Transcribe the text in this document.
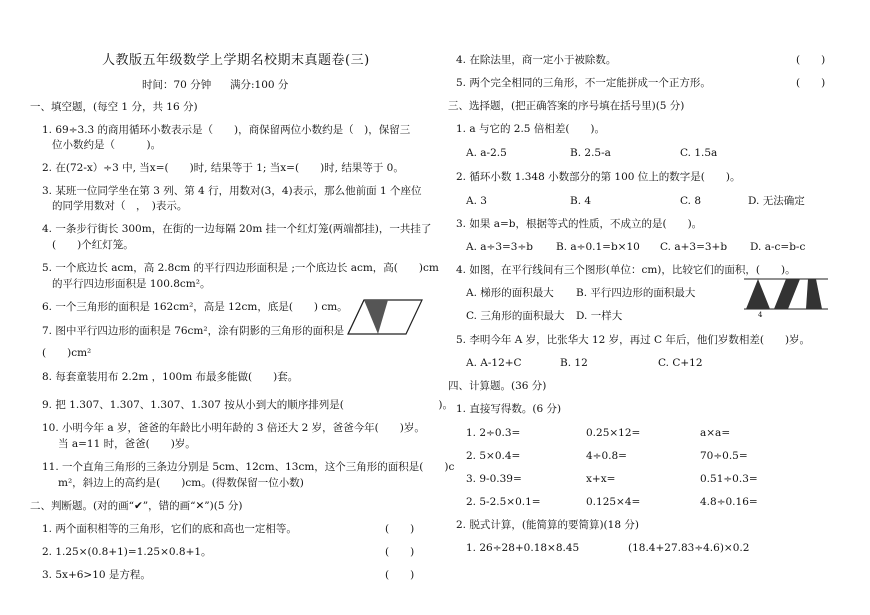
人教版五年级数学上学期名校期末真题卷(三)
时间：70 分钟 满分:100 分
一、填空题，(每空 1 分，共 16 分)
1. 69÷3.3 的商用循环小数表示是（　　)，商保留两位小数约是（　)，保留三
位小数约是（　　　)。
2. 在(72-x）÷3 中, 当x=(　　)时, 结果等于 1; 当x=(　　)时, 结果等于 0。
3. 某班一位同学坐在第 3 列、第 4 行，用数对(3，4)表示，那么他前面 1 个座位
的同学用数对（　，　)表示。
4. 一条步行街长 300m，在街的一边每隔 20m 挂一个红灯笼(两端都挂)，一共挂了
(　　)个红灯笼。
5. 一个底边长 acm，高 2.8cm 的平行四边形面积是 ;一个底边长 acm，高(　　)cm
的平行四边形面积是 100.8cm²。
6. 一个三角形的面积是 162cm²，高是 12cm，底是(　　) cm。
7. 图中平行四边形的面积是 76cm²，涂有阴影的三角形的面积是
(　　)cm²
8. 每套童装用布 2.2m ，100m 布最多能做(　　)套。
9. 把 1.307、1.307、1.307、1.307 按从小到大的顺序排列是(　　　　　　　　　)。
10. 小明今年 a 岁，爸爸的年龄比小明年龄的 3 倍还大 2 岁，爸爸今年(　　)岁。
当 a=11 时，爸爸(　　)岁。
11. 一个直角三角形的三条边分别是 5cm、12cm、13cm，这个三角形的面积是(　　)c
m²，斜边上的高约是(　　)cm。(得数保留一位小数)
二、判断题。(对的画“✔”，错的画“✕”)(5 分)
1. 两个面积相等的三角形，它们的底和高也一定相等。	(　　)
2. 1.25×(0.8+1)=1.25×0.8+1。	(　　)
3. 5x+6>10 是方程。	(　　)
4. 在除法里，商一定小于被除数。	(　　)
5. 两个完全相同的三角形，不一定能拼成一个正方形。	(　　)
三、选择题，(把正确答案的序号填在括号里)(5 分)
1. a 与它的 2.5 倍相差(　　)。
A. a-2.5	B. 2.5-a	C. 1.5a
2. 循环小数 1.348 小数部分的第 100 位上的数字是(　　)。
A. 3	B. 4	C. 8	D. 无法确定
3. 如果 a=b，根据等式的性质，不成立的是(　　)。
A. a÷3=3÷b B. a÷0.1=b×10 C. a+3=3+b D. a-c=b-c
4. 如图，在平行线间有三个图形(单位：cm)，比较它们的面积，(　　)。
A. 梯形的面积最大 B. 平行四边形的面积最大
C. 三角形的面积最大 D. 一样大	4
5. 李明今年 A 岁，比张华大 12 岁，再过 C 年后，他们岁数相差(　　)岁。
A. A-12+C	B. 12	C. C+12
四、计算题。(36 分)
1. 直接写得数。(6 分)
1. 2÷0.3=	0.25×12=	a×a=
2. 5×0.4=	4÷0.8=	70÷0.5=
3. 9-0.39=	x+x=	0.51÷0.3=
2. 5-2.5×0.1=	0.125×4=	4.8÷0.16=
2. 脱式计算，(能简算的要简算)(18 分)
1. 26÷28+0.18×8.45	(18.4+27.83÷4.6)×0.2
